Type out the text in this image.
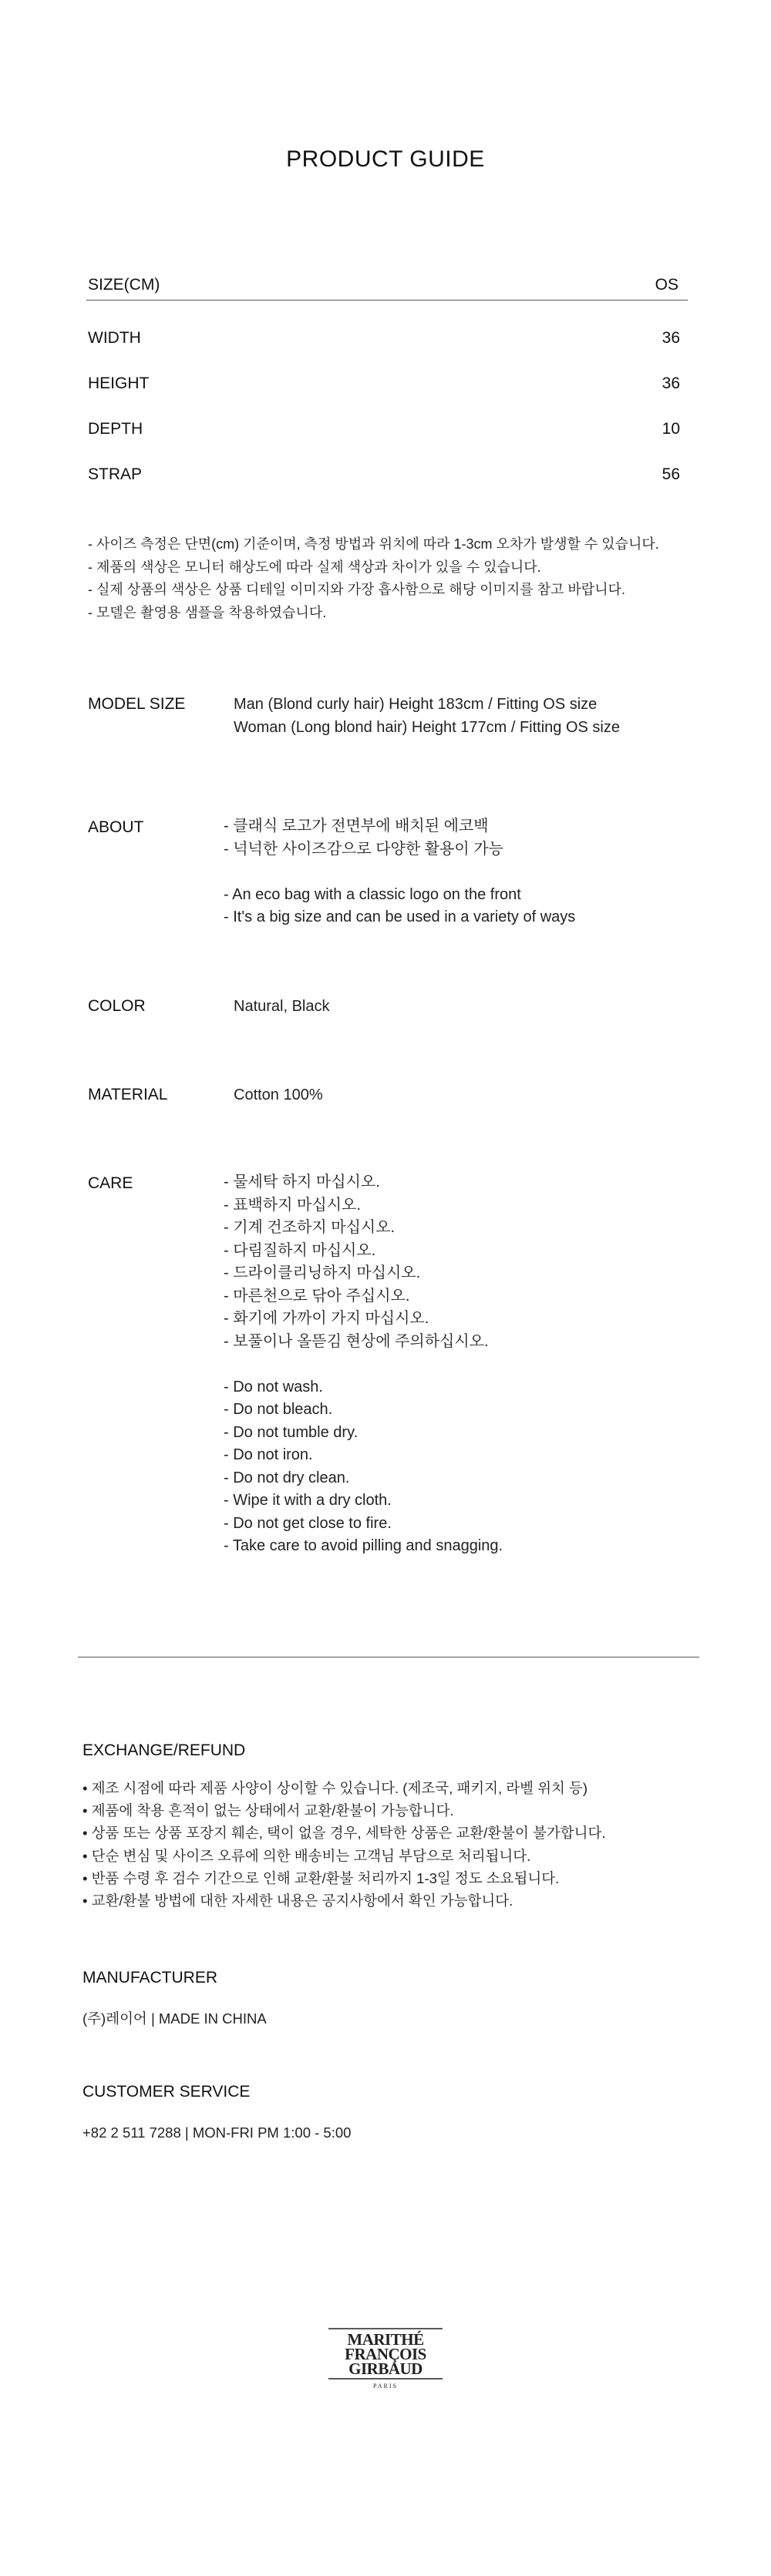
PRODUCT GUIDE
SIZE(CM)	OS
WIDTH	36
HEIGHT	36
DEPTH	10
STRAP	56
- 사이즈 측정은 단면(cm) 기준이며, 측정 방법과 위치에 따라 1-3cm 오차가 발생할 수 있습니다.
- 제품의 색상은 모니터 해상도에 따라 실제 색상과 차이가 있을 수 있습니다.
- 실제 상품의 색상은 상품 디테일 이미지와 가장 흡사함으로 해당 이미지를 참고 바랍니다.
- 모델은 촬영용 샘플을 착용하였습니다.
MODEL SIZE	Man (Blond curly hair) Height 183cm / Fitting OS size
Woman (Long blond hair) Height 177cm / Fitting OS size
ABOUT	- 클래식 로고가 전면부에 배치된 에코백
- 넉넉한 사이즈감으로 다양한 활용이 가능
- An eco bag with a classic logo on the front
- It's a big size and can be used in a variety of ways
COLOR	Natural, Black
MATERIAL	Cotton 100%
CARE	- 물세탁 하지 마십시오.
- 표백하지 마십시오.
- 기계 건조하지 마십시오.
- 다림질하지 마십시오.
- 드라이클리닝하지 마십시오.
- 마른천으로 닦아 주십시오.
- 화기에 가까이 가지 마십시오.
- 보풀이나 올뜯김 현상에 주의하십시오.
- Do not wash.
- Do not bleach.
- Do not tumble dry.
- Do not iron.
- Do not dry clean.
- Wipe it with a dry cloth.
- Do not get close to fire.
- Take care to avoid pilling and snagging.
EXCHANGE/REFUND
• 제조 시점에 따라 제품 사양이 상이할 수 있습니다. (제조국, 패키지, 라벨 위치 등)
• 제품에 착용 흔적이 없는 상태에서 교환/환불이 가능합니다.
• 상품 또는 상품 포장지 훼손, 택이 없을 경우, 세탁한 상품은 교환/환불이 불가합니다.
• 단순 변심 및 사이즈 오류에 의한 배송비는 고객님 부담으로 처리됩니다.
• 반품 수령 후 검수 기간으로 인해 교환/환불 처리까지 1-3일 정도 소요됩니다.
• 교환/환불 방법에 대한 자세한 내용은 공지사항에서 확인 가능합니다.
MANUFACTURER
(주)레이어 | MADE IN CHINA
CUSTOMER SERVICE
+82 2 511 7288 | MON-FRI PM 1:00 - 5:00
MARITHÉ
FRANÇOIS
GIRBAUD
PARIS
